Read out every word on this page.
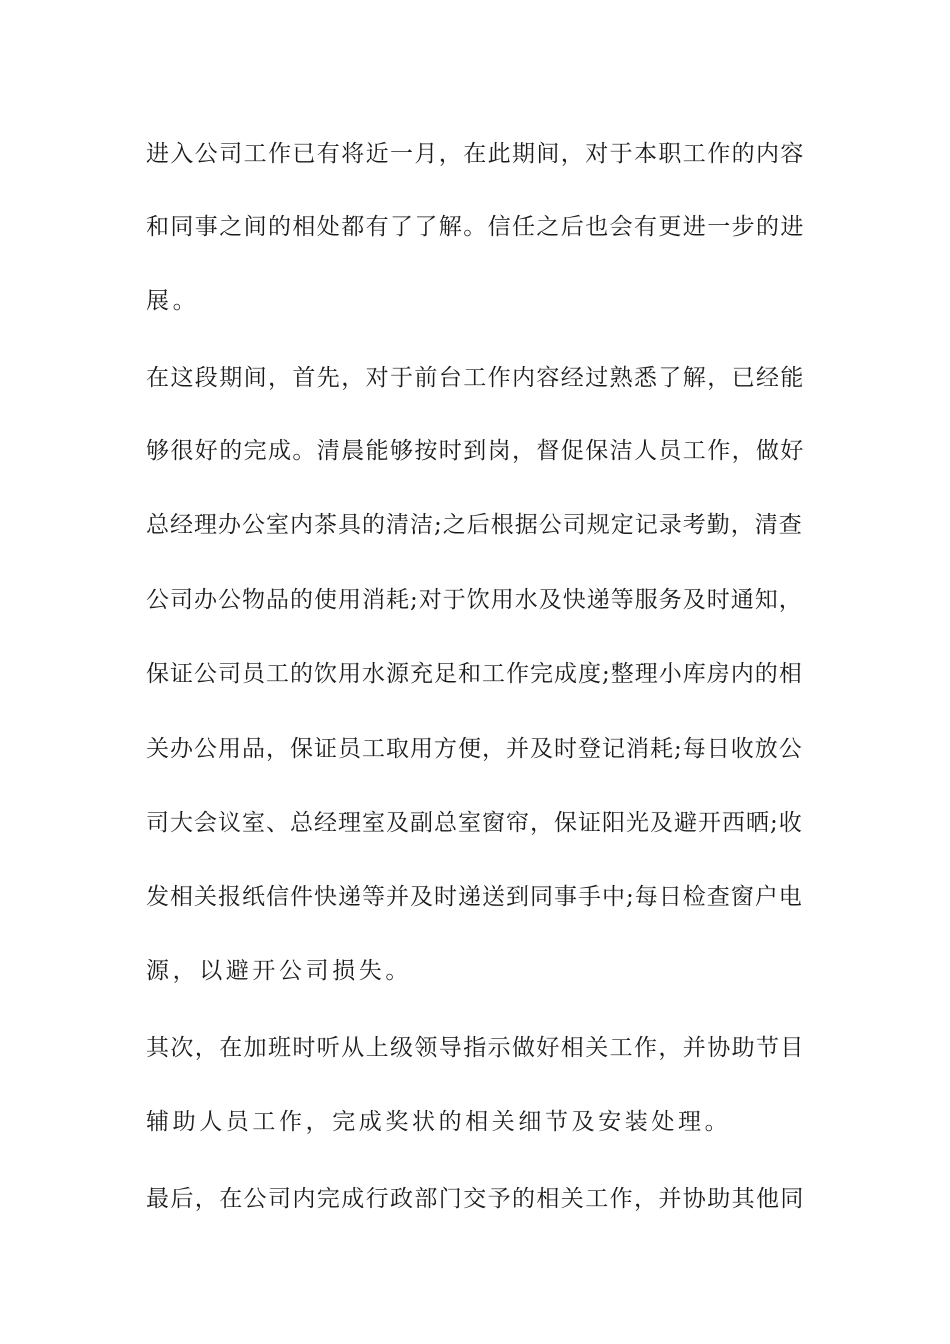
进入公司工作已有将近一月，在此期间，对于本职工作的内容

和同事之间的相处都有了了解。信任之后也会有更进一步的进

展。

在这段期间，首先，对于前台工作内容经过熟悉了解，已经能

够很好的完成。清晨能够按时到岗，督促保洁人员工作，做好

总经理办公室内茶具的清洁;之后根据公司规定记录考勤，清查

公司办公物品的使用消耗;对于饮用水及快递等服务及时通知，

保证公司员工的饮用水源充足和工作完成度;整理小库房内的相

关办公用品，保证员工取用方便，并及时登记消耗;每日收放公

司大会议室、总经理室及副总室窗帘，保证阳光及避开西晒;收

发相关报纸信件快递等并及时递送到同事手中;每日检查窗户电

源，以避开公司损失。

其次，在加班时听从上级领导指示做好相关工作，并协助节目

辅助人员工作，完成奖状的相关细节及安装处理。

最后，在公司内完成行政部门交予的相关工作，并协助其他同
